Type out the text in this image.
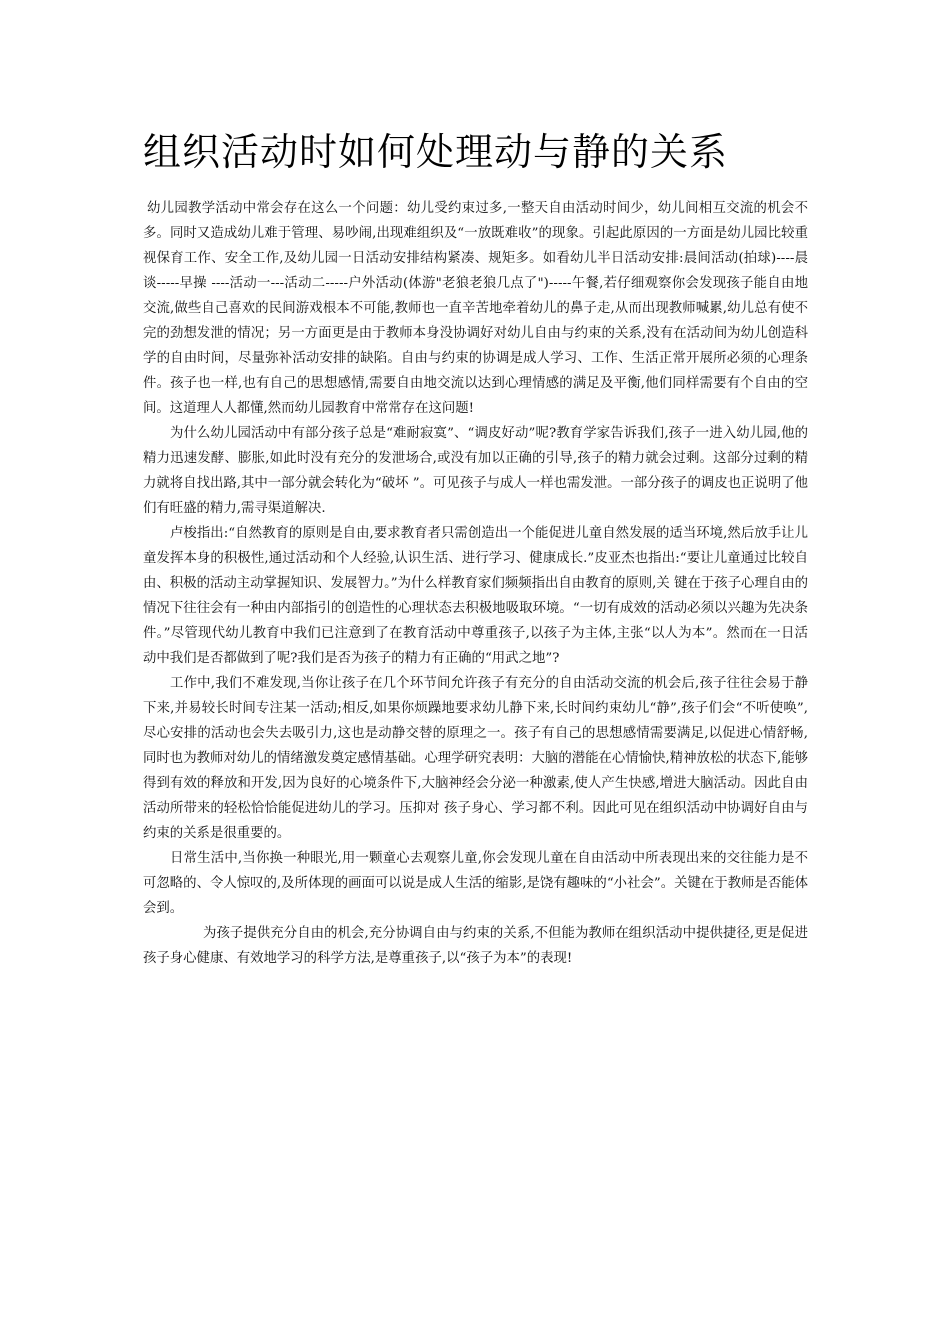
组织活动时如何处理动与静的关系

幼儿园教学活动中常会存在这么一个问题：幼儿受约束过多,一整天自由活动时间少，幼儿间相互交流的机会不多。同时又造成幼儿难于管理、易吵闹,出现难组织及“一放既难收”的现象。引起此原因的一方面是幼儿园比较重视保育工作、安全工作,及幼儿园一日活动安排结构紧凑、规矩多。如看幼儿半日活动安排:晨间活动(拍球)----晨谈-----早操 ----活动一---活动二-----户外活动(体游"老狼老狼几点了")-----午餐,若仔细观察你会发现孩子能自由地交流,做些自己喜欢的民间游戏根本不可能,教师也一直辛苦地牵着幼儿的鼻子走,从而出现教师喊累,幼儿总有使不完的劲想发泄的情况；另一方面更是由于教师本身没协调好对幼儿自由与约束的关系,没有在活动间为幼儿创造科学的自由时间，尽量弥补活动安排的缺陷。自由与约束的协调是成人学习、工作、生活正常开展所必须的心理条件。孩子也一样,也有自己的思想感情,需要自由地交流以达到心理情感的满足及平衡,他们同样需要有个自由的空间。这道理人人都懂,然而幼儿园教育中常常存在这问题!

为什么幼儿园活动中有部分孩子总是“难耐寂寞”、“调皮好动”呢?教育学家告诉我们,孩子一进入幼儿园,他的精力迅速发酵、膨胀,如此时没有充分的发泄场合,或没有加以正确的引导,孩子的精力就会过剩。这部分过剩的精力就将自找出路,其中一部分就会转化为“破坏 ”。可见孩子与成人一样也需发泄。一部分孩子的调皮也正说明了他们有旺盛的精力,需寻渠道解决.

卢梭指出:“自然教育的原则是自由,要求教育者只需创造出一个能促进儿童自然发展的适当环境,然后放手让儿童发挥本身的积极性,通过活动和个人经验,认识生活、进行学习、健康成长.”皮亚杰也指出:“要让儿童通过比较自由、积极的活动主动掌握知识、发展智力。”为什么样教育家们频频指出自由教育的原则,关 键在于孩子心理自由的情况下往往会有一种由内部指引的创造性的心理状态去积极地吸取环境。“一切有成效的活动必须以兴趣为先决条件。”尽管现代幼儿教育中我们已注意到了在教育活动中尊重孩子,以孩子为主体,主张“以人为本”。然而在一日活动中我们是否都做到了呢?我们是否为孩子的精力有正确的“用武之地”?

工作中,我们不难发现,当你让孩子在几个环节间允许孩子有充分的自由活动交流的机会后,孩子往往会易于静下来,并易较长时间专注某一活动;相反,如果你烦躁地要求幼儿静下来,长时间约束幼儿“静”,孩子们会“不听使唤”,尽心安排的活动也会失去吸引力,这也是动静交替的原理之一。孩子有自己的思想感情需要满足,以促进心情舒畅,同时也为教师对幼儿的情绪激发奠定感情基础。心理学研究表明：大脑的潜能在心情愉快,精神放松的状态下,能够得到有效的释放和开发,因为良好的心境条件下,大脑神经会分泌一种激素,使人产生快感,增进大脑活动。因此自由活动所带来的轻松恰恰能促进幼儿的学习。压抑对 孩子身心、学习都不利。因此可见在组织活动中协调好自由与约束的关系是很重要的。

日常生活中,当你换一种眼光,用一颗童心去观察儿童,你会发现儿童在自由活动中所表现出来的交往能力是不可忽略的、令人惊叹的,及所体现的画面可以说是成人生活的缩影,是饶有趣味的“小社会”。关键在于教师是否能体会到。

为孩子提供充分自由的机会,充分协调自由与约束的关系,不但能为教师在组织活动中提供捷径,更是促进孩子身心健康、有效地学习的科学方法,是尊重孩子,以“孩子为本”的表现!
